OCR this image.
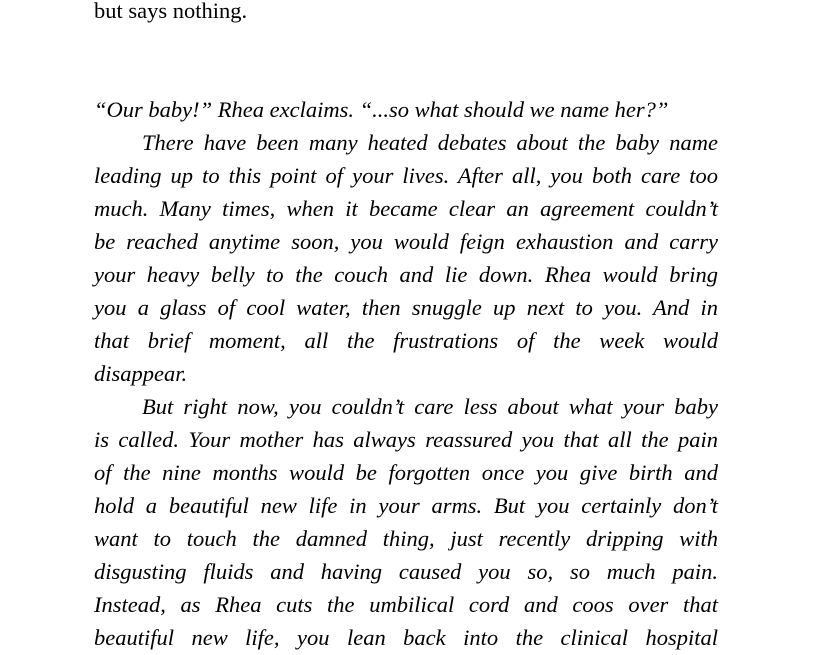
but says nothing.
“Our baby!” Rhea exclaims. “...so what should we name her?”
There have been many heated debates about the baby name
leading up to this point of your lives. After all, you both care too
much. Many times, when it became clear an agreement couldn’t
be reached anytime soon, you would feign exhaustion and carry
your heavy belly to the couch and lie down. Rhea would bring
you a glass of cool water, then snuggle up next to you. And in
that brief moment, all the frustrations of the week would
disappear.
But right now, you couldn’t care less about what your baby
is called. Your mother has always reassured you that all the pain
of the nine months would be forgotten once you give birth and
hold a beautiful new life in your arms. But you certainly don’t
want to touch the damned thing, just recently dripping with
disgusting fluids and having caused you so, so much pain.
Instead, as Rhea cuts the umbilical cord and coos over that
beautiful new life, you lean back into the clinical hospital
